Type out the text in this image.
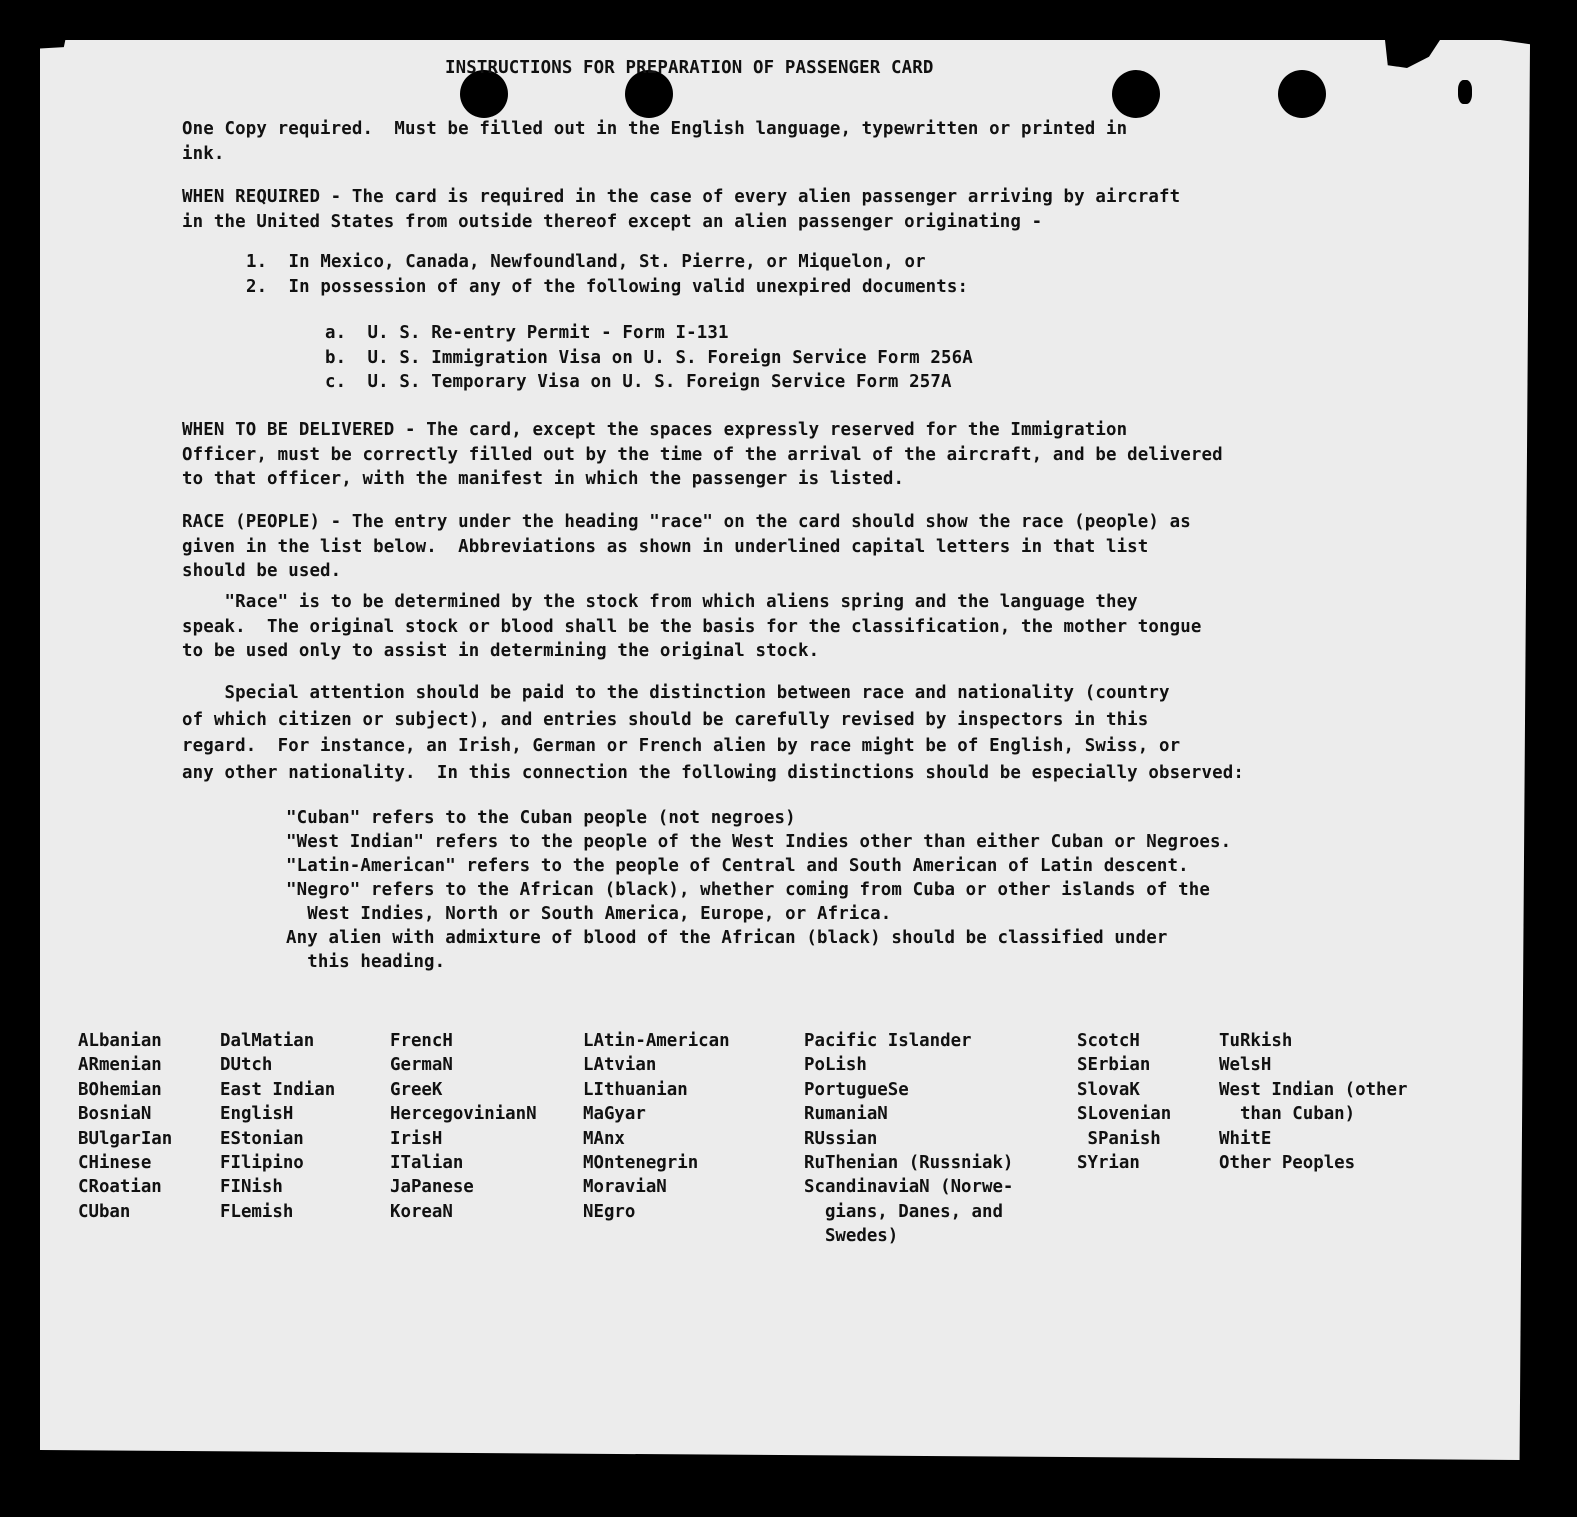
INSTRUCTIONS FOR PREPARATION OF PASSENGER CARD
One Copy required.  Must be filled out in the English language, typewritten or printed in
ink.
WHEN REQUIRED - The card is required in the case of every alien passenger arriving by aircraft
in the United States from outside thereof except an alien passenger originating -
1.  In Mexico, Canada, Newfoundland, St. Pierre, or Miquelon, or
2.  In possession of any of the following valid unexpired documents:
a.  U. S. Re-entry Permit - Form I-131
b.  U. S. Immigration Visa on U. S. Foreign Service Form 256A
c.  U. S. Temporary Visa on U. S. Foreign Service Form 257A
WHEN TO BE DELIVERED - The card, except the spaces expressly reserved for the Immigration
Officer, must be correctly filled out by the time of the arrival of the aircraft, and be delivered
to that officer, with the manifest in which the passenger is listed.
RACE (PEOPLE) - The entry under the heading "race" on the card should show the race (people) as
given in the list below.  Abbreviations as shown in underlined capital letters in that list
should be used.
"Race" is to be determined by the stock from which aliens spring and the language they
speak.  The original stock or blood shall be the basis for the classification, the mother tongue
to be used only to assist in determining the original stock.
Special attention should be paid to the distinction between race and nationality (country
of which citizen or subject), and entries should be carefully revised by inspectors in this
regard.  For instance, an Irish, German or French alien by race might be of English, Swiss, or
any other nationality.  In this connection the following distinctions should be especially observed:
"Cuban" refers to the Cuban people (not negroes)
"West Indian" refers to the people of the West Indies other than either Cuban or Negroes.
"Latin-American" refers to the people of Central and South American of Latin descent.
"Negro" refers to the African (black), whether coming from Cuba or other islands of the
West Indies, North or South America, Europe, or Africa.
Any alien with admixture of blood of the African (black) should be classified under
this heading.
ALbanian
ARmenian
BOhemian
BosniaN
BUlgarIan
CHinese
CRoatian
CUban
DalMatian
DUtch
East Indian
EnglisH
EStonian
FIlipino
FINish
FLemish
FrencH
GermaN
GreeK
HercegovinianN
IrisH
ITalian
JaPanese
KoreaN
LAtin-American
LAtvian
LIthuanian
MaGyar
MAnx
MOntenegrin
MoraviaN
NEgro
Pacific Islander
PoLish
PortugueSe
RumaniaN
RUssian
RuThenian (Russniak)
ScandinaviaN (Norwe-
gians, Danes, and
Swedes)
ScotcH
SErbian
SlovaK
SLovenian
SPanish
SYrian
TuRkish
WelsH
West Indian (other
than Cuban)
WhitE
Other Peoples
